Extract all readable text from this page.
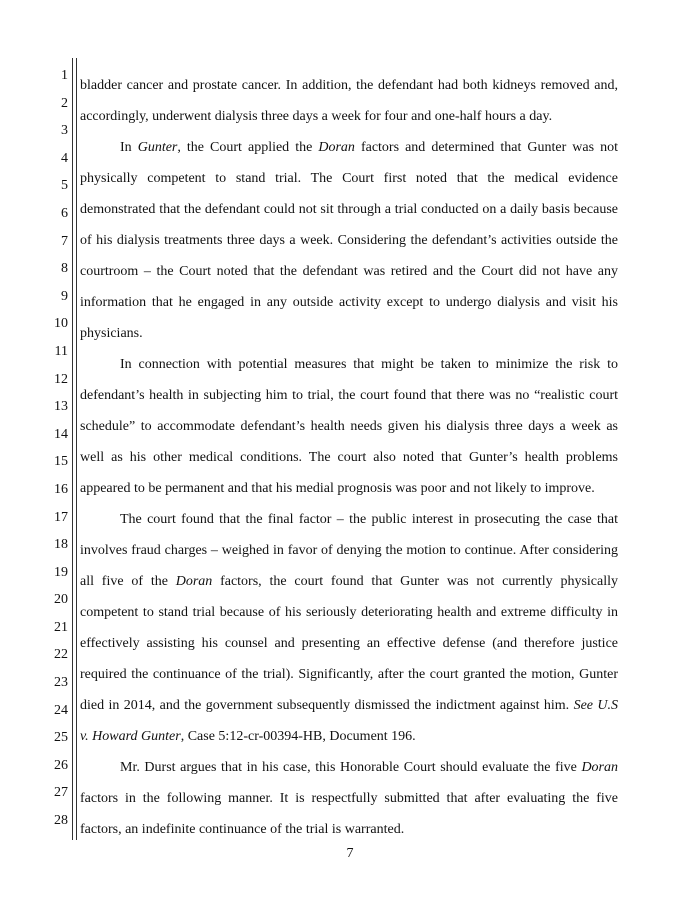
1
2
3
4
5
6
7
8
9
10
11
12
13
14
15
16
17
18
19
20
21
22
23
24
25
26
27
28

bladder cancer and prostate cancer. In addition, the defendant had both kidneys removed and, accordingly, underwent dialysis three days a week for four and one-half hours a day.

In Gunter, the Court applied the Doran factors and determined that Gunter was not physically competent to stand trial. The Court first noted that the medical evidence demonstrated that the defendant could not sit through a trial conducted on a daily basis because of his dialysis treatments three days a week. Considering the defendant’s activities outside the courtroom – the Court noted that the defendant was retired and the Court did not have any information that he engaged in any outside activity except to undergo dialysis and visit his physicians.

In connection with potential measures that might be taken to minimize the risk to defendant’s health in subjecting him to trial, the court found that there was no “realistic court schedule” to accommodate defendant’s health needs given his dialysis three days a week as well as his other medical conditions. The court also noted that Gunter’s health problems appeared to be permanent and that his medial prognosis was poor and not likely to improve.

The court found that the final factor – the public interest in prosecuting the case that involves fraud charges – weighed in favor of denying the motion to continue. After considering all five of the Doran factors, the court found that Gunter was not currently physically competent to stand trial because of his seriously deteriorating health and extreme difficulty in effectively assisting his counsel and presenting an effective defense (and therefore justice required the continuance of the trial). Significantly, after the court granted the motion, Gunter died in 2014, and the government subsequently dismissed the indictment against him. See U.S v. Howard Gunter, Case 5:12-cr-00394-HB, Document 196.

Mr. Durst argues that in his case, this Honorable Court should evaluate the five Doran factors in the following manner. It is respectfully submitted that after evaluating the five factors, an indefinite continuance of the trial is warranted.

7
